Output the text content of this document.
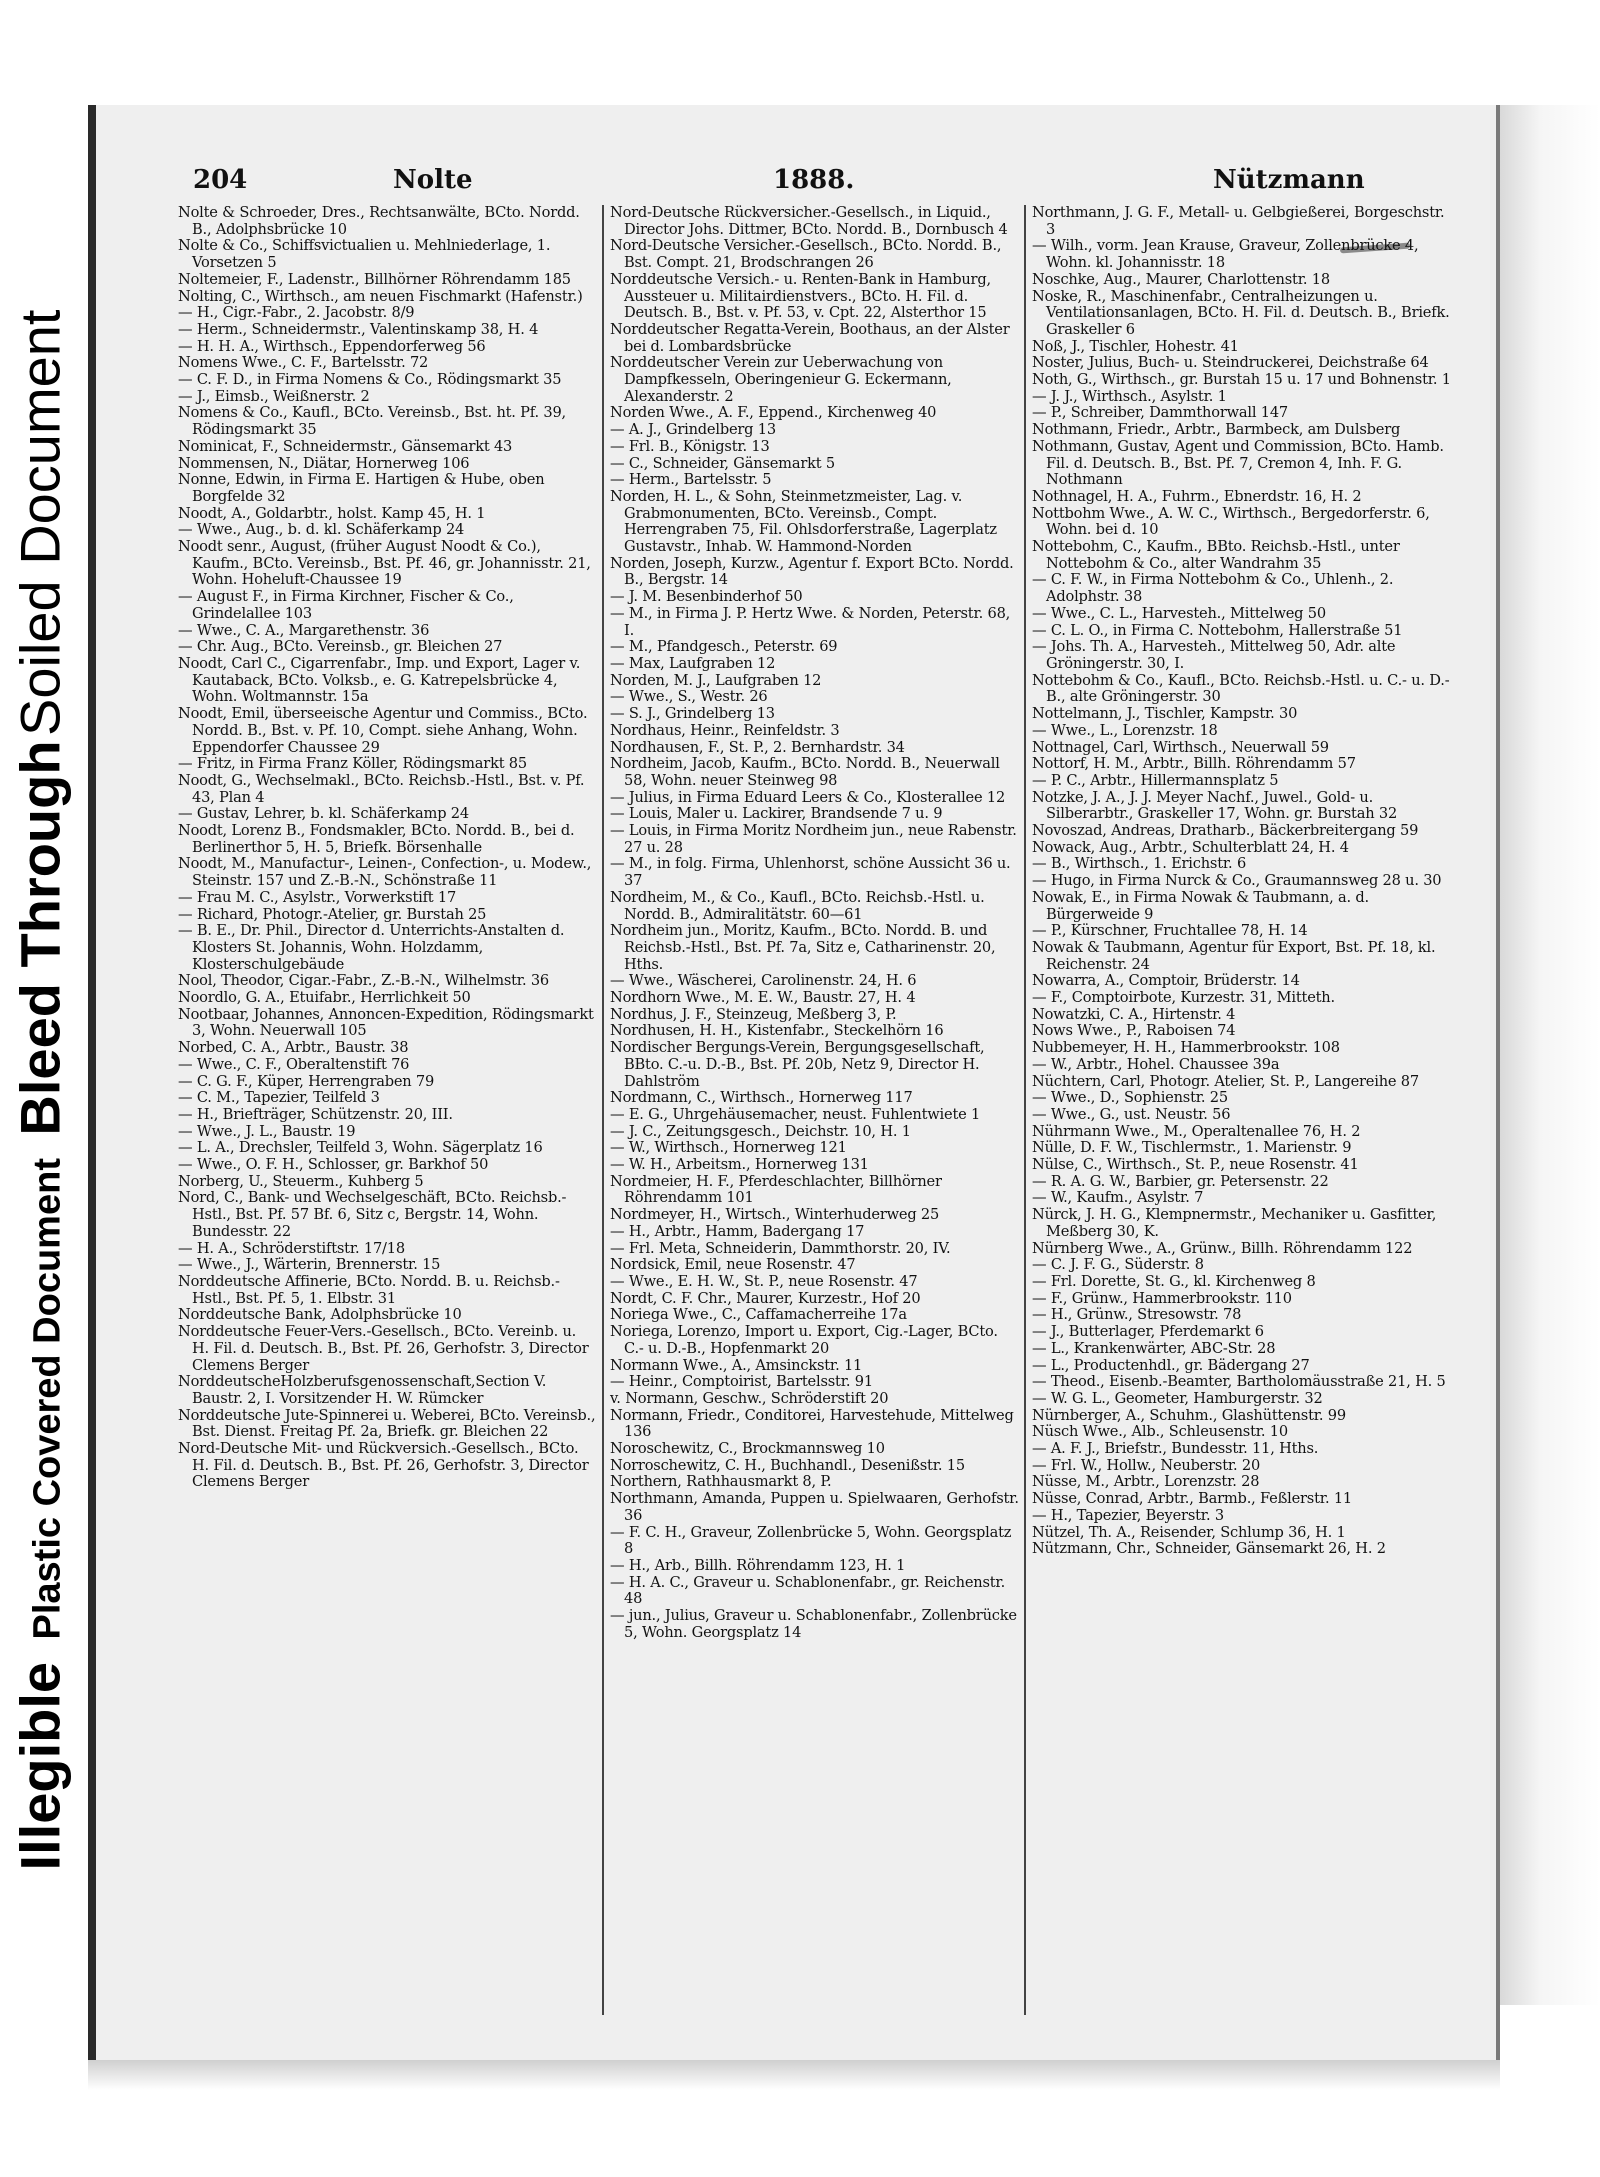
Illegible Plastic Covered Document Bleed Through Soiled Document
204	Nolte	1888.	Nützmann

Nolte & Schroeder, Dres., Rechtsanwälte, BCto. Nordd. B., Adolphsbrücke 10

Nolte & Co., Schiffsvictualien u. Mehlniederlage, 1. Vorsetzen 5

Noltemeier, F., Ladenstr., Billhörner Röhrendamm 185

Nolting, C., Wirthsch., am neuen Fischmarkt (Hafenstr.)

— H., Cigr.-Fabr., 2. Jacobstr. 8/9

— Herm., Schneidermstr., Valentinskamp 38, H. 4

— H. H. A., Wirthsch., Eppendorferweg 56

Nomens Wwe., C. F., Bartelsstr. 72

— C. F. D., in Firma Nomens & Co., Rödingsmarkt 35

— J., Eimsb., Weißnerstr. 2

Nomens & Co., Kaufl., BCto. Vereinsb., Bst. ht. Pf. 39, Rödingsmarkt 35

Nominicat, F., Schneidermstr., Gänsemarkt 43

Nommensen, N., Diätar, Hornerweg 106

Nonne, Edwin, in Firma E. Hartigen & Hube, oben Borgfelde 32

Noodt, A., Goldarbtr., holst. Kamp 45, H. 1

— Wwe., Aug., b. d. kl. Schäferkamp 24

Noodt senr., August, (früher August Noodt & Co.), Kaufm., BCto. Vereinsb., Bst. Pf. 46, gr. Johannisstr. 21, Wohn. Hoheluft-Chaussee 19

— August F., in Firma Kirchner, Fischer & Co., Grindelallee 103

— Wwe., C. A., Margarethenstr. 36

— Chr. Aug., BCto. Vereinsb., gr. Bleichen 27

Noodt, Carl C., Cigarrenfabr., Imp. und Export, Lager v. Kautaback, BCto. Volksb., e. G. Katrepelsbrücke 4, Wohn. Woltmannstr. 15a

Noodt, Emil, überseeische Agentur und Commiss., BCto. Nordd. B., Bst. v. Pf. 10, Compt. siehe Anhang, Wohn. Eppendorfer Chaussee 29

— Fritz, in Firma Franz Köller, Rödingsmarkt 85

Noodt, G., Wechselmakl., BCto. Reichsb.-Hstl., Bst. v. Pf. 43, Plan 4

— Gustav, Lehrer, b. kl. Schäferkamp 24

Noodt, Lorenz B., Fondsmakler, BCto. Nordd. B., bei d. Berlinerthor 5, H. 5, Briefk. Börsenhalle

Noodt, M., Manufactur-, Leinen-, Confection-, u. Modew., Steinstr. 157 und Z.-B.-N., Schönstraße 11

— Frau M. C., Asylstr., Vorwerkstift 17

— Richard, Photogr.-Atelier, gr. Burstah 25

— B. E., Dr. Phil., Director d. Unterrichts-Anstalten d. Klosters St. Johannis, Wohn. Holzdamm, Klosterschulgebäude

Nool, Theodor, Cigar.-Fabr., Z.-B.-N., Wilhelmstr. 36

Noordlo, G. A., Etuifabr., Herrlichkeit 50

Nootbaar, Johannes, Annoncen-Expedition, Rödingsmarkt 3, Wohn. Neuerwall 105

Norbed, C. A., Arbtr., Baustr. 38

— Wwe., C. F., Oberaltenstift 76

— C. G. F., Küper, Herrengraben 79

— C. M., Tapezier, Teilfeld 3

— H., Briefträger, Schützenstr. 20, III.

— Wwe., J. L., Baustr. 19

— L. A., Drechsler, Teilfeld 3, Wohn. Sägerplatz 16

— Wwe., O. F. H., Schlosser, gr. Barkhof 50

Norberg, U., Steuerm., Kuhberg 5

Nord, C., Bank- und Wechselgeschäft, BCto. Reichsb.-Hstl., Bst. Pf. 57 Bf. 6, Sitz c, Bergstr. 14, Wohn. Bundesstr. 22

— H. A., Schröderstiftstr. 17/18

— Wwe., J., Wärterin, Brennerstr. 15

Norddeutsche Affinerie, BCto. Nordd. B. u. Reichsb.-Hstl., Bst. Pf. 5, 1. Elbstr. 31

Norddeutsche Bank, Adolphsbrücke 10

Norddeutsche Feuer-Vers.-Gesellsch., BCto. Vereinb. u. H. Fil. d. Deutsch. B., Bst. Pf. 26, Gerhofstr. 3, Director Clemens Berger

NorddeutscheHolzberufsgenossenschaft,Section V. Baustr. 2, I. Vorsitzender H. W. Rümcker

Norddeutsche Jute-Spinnerei u. Weberei, BCto. Vereinsb., Bst. Dienst. Freitag Pf. 2a, Briefk. gr. Bleichen 22

Nord-Deutsche Mit- und Rückversich.-Gesellsch., BCto. H. Fil. d. Deutsch. B., Bst. Pf. 26, Gerhofstr. 3, Director Clemens Berger

Nord-Deutsche Rückversicher.-Gesellsch., in Liquid., Director Johs. Dittmer, BCto. Nordd. B., Dornbusch 4

Nord-Deutsche Versicher.-Gesellsch., BCto. Nordd. B., Bst. Compt. 21, Brodschrangen 26

Norddeutsche Versich.- u. Renten-Bank in Hamburg, Aussteuer u. Militairdienstvers., BCto. H. Fil. d. Deutsch. B., Bst. v. Pf. 53, v. Cpt. 22, Alsterthor 15

Norddeutscher Regatta-Verein, Boothaus, an der Alster bei d. Lombardsbrücke

Norddeutscher Verein zur Ueberwachung von Dampfkesseln, Oberingenieur G. Eckermann, Alexanderstr. 2

Norden Wwe., A. F., Eppend., Kirchenweg 40

— A. J., Grindelberg 13

— Frl. B., Königstr. 13

— C., Schneider, Gänsemarkt 5

— Herm., Bartelsstr. 5

Norden, H. L., & Sohn, Steinmetzmeister, Lag. v. Grabmonumenten, BCto. Vereinsb., Compt. Herrengraben 75, Fil. Ohlsdorferstraße, Lagerplatz Gustavstr., Inhab. W. Hammond-Norden

Norden, Joseph, Kurzw., Agentur f. Export BCto. Nordd. B., Bergstr. 14

— J. M. Besenbinderhof 50

— M., in Firma J. P. Hertz Wwe. & Norden, Peterstr. 68, I.

— M., Pfandgesch., Peterstr. 69

— Max, Laufgraben 12

Norden, M. J., Laufgraben 12

— Wwe., S., Westr. 26

— S. J., Grindelberg 13

Nordhaus, Heinr., Reinfeldstr. 3

Nordhausen, F., St. P., 2. Bernhardstr. 34

Nordheim, Jacob, Kaufm., BCto. Nordd. B., Neuerwall 58, Wohn. neuer Steinweg 98

— Julius, in Firma Eduard Leers & Co., Klosterallee 12

— Louis, Maler u. Lackirer, Brandsende 7 u. 9

— Louis, in Firma Moritz Nordheim jun., neue Rabenstr. 27 u. 28

— M., in folg. Firma, Uhlenhorst, schöne Aussicht 36 u. 37

Nordheim, M., & Co., Kaufl., BCto. Reichsb.-Hstl. u. Nordd. B., Admiralitätstr. 60—61

Nordheim jun., Moritz, Kaufm., BCto. Nordd. B. und Reichsb.-Hstl., Bst. Pf. 7a, Sitz e, Catharinenstr. 20, Hths.

— Wwe., Wäscherei, Carolinenstr. 24, H. 6

Nordhorn Wwe., M. E. W., Baustr. 27, H. 4

Nordhus, J. F., Steinzeug, Meßberg 3, P.

Nordhusen, H. H., Kistenfabr., Steckelhörn 16

Nordischer Bergungs-Verein, Bergungsgesellschaft, BBto. C.-u. D.-B., Bst. Pf. 20b, Netz 9, Director H. Dahlström

Nordmann, C., Wirthsch., Hornerweg 117

— E. G., Uhrgehäusemacher, neust. Fuhlentwiete 1

— J. C., Zeitungsgesch., Deichstr. 10, H. 1

— W., Wirthsch., Hornerweg 121

— W. H., Arbeitsm., Hornerweg 131

Nordmeier, H. F., Pferdeschlachter, Billhörner Röhrendamm 101

Nordmeyer, H., Wirtsch., Winterhuderweg 25

— H., Arbtr., Hamm, Badergang 17

— Frl. Meta, Schneiderin, Dammthorstr. 20, IV.

Nordsick, Emil, neue Rosenstr. 47

— Wwe., E. H. W., St. P., neue Rosenstr. 47

Nordt, C. F. Chr., Maurer, Kurzestr., Hof 20

Noriega Wwe., C., Caffamacherreihe 17a

Noriega, Lorenzo, Import u. Export, Cig.-Lager, BCto. C.- u. D.-B., Hopfenmarkt 20

Normann Wwe., A., Amsinckstr. 11

— Heinr., Comptoirist, Bartelsstr. 91

v. Normann, Geschw., Schröderstift 20

Normann, Friedr., Conditorei, Harvestehude, Mittelweg 136

Noroschewitz, C., Brockmannsweg 10

Norroschewitz, C. H., Buchhandl., Desenißstr. 15

Northern, Rathhausmarkt 8, P.

Northmann, Amanda, Puppen u. Spielwaaren, Gerhofstr. 36

— F. C. H., Graveur, Zollenbrücke 5, Wohn. Georgsplatz 8

— H., Arb., Billh. Röhrendamm 123, H. 1

— H. A. C., Graveur u. Schablonenfabr., gr. Reichenstr. 48

— jun., Julius, Graveur u. Schablonenfabr., Zollenbrücke 5, Wohn. Georgsplatz 14

Northmann, J. G. F., Metall- u. Gelbgießerei, Borgeschstr. 3

— Wilh., vorm. Jean Krause, Graveur, Zollenbrücke 4, Wohn. kl. Johannisstr. 18

Noschke, Aug., Maurer, Charlottenstr. 18

Noske, R., Maschinenfabr., Centralheizungen u. Ventilationsanlagen, BCto. H. Fil. d. Deutsch. B., Briefk. Graskeller 6

Noß, J., Tischler, Hohestr. 41

Noster, Julius, Buch- u. Steindruckerei, Deichstraße 64

Noth, G., Wirthsch., gr. Burstah 15 u. 17 und Bohnenstr. 1

— J. J., Wirthsch., Asylstr. 1

— P., Schreiber, Dammthorwall 147

Nothmann, Friedr., Arbtr., Barmbeck, am Dulsberg

Nothmann, Gustav, Agent und Commission, BCto. Hamb. Fil. d. Deutsch. B., Bst. Pf. 7, Cremon 4, Inh. F. G. Nothmann

Nothnagel, H. A., Fuhrm., Ebnerdstr. 16, H. 2

Nottbohm Wwe., A. W. C., Wirthsch., Bergedorferstr. 6, Wohn. bei d. 10

Nottebohm, C., Kaufm., BBto. Reichsb.-Hstl., unter Nottebohm & Co., alter Wandrahm 35

— C. F. W., in Firma Nottebohm & Co., Uhlenh., 2. Adolphstr. 38

— Wwe., C. L., Harvesteh., Mittelweg 50

— C. L. O., in Firma C. Nottebohm, Hallerstraße 51

— Johs. Th. A., Harvesteh., Mittelweg 50, Adr. alte Gröningerstr. 30, I.

Nottebohm & Co., Kaufl., BCto. Reichsb.-Hstl. u. C.- u. D.-B., alte Gröningerstr. 30

Nottelmann, J., Tischler, Kampstr. 30

— Wwe., L., Lorenzstr. 18

Nottnagel, Carl, Wirthsch., Neuerwall 59

Nottorf, H. M., Arbtr., Billh. Röhrendamm 57

— P. C., Arbtr., Hillermannsplatz 5

Notzke, J. A., J. J. Meyer Nachf., Juwel., Gold- u. Silberarbtr., Graskeller 17, Wohn. gr. Burstah 32

Novoszad, Andreas, Dratharb., Bäckerbreitergang 59

Nowack, Aug., Arbtr., Schulterblatt 24, H. 4

— B., Wirthsch., 1. Erichstr. 6

— Hugo, in Firma Nurck & Co., Graumannsweg 28 u. 30

Nowak, E., in Firma Nowak & Taubmann, a. d. Bürgerweide 9

— P., Kürschner, Fruchtallee 78, H. 14

Nowak & Taubmann, Agentur für Export, Bst. Pf. 18, kl. Reichenstr. 24

Nowarra, A., Comptoir, Brüderstr. 14

— F., Comptoirbote, Kurzestr. 31, Mitteth.

Nowatzki, C. A., Hirtenstr. 4

Nows Wwe., P., Raboisen 74

Nubbemeyer, H. H., Hammerbrookstr. 108

— W., Arbtr., Hohel. Chaussee 39a

Nüchtern, Carl, Photogr. Atelier, St. P., Langereihe 87

— Wwe., D., Sophienstr. 25

— Wwe., G., ust. Neustr. 56

Nührmann Wwe., M., Operaltenallee 76, H. 2

Nülle, D. F. W., Tischlermstr., 1. Marienstr. 9

Nülse, C., Wirthsch., St. P., neue Rosenstr. 41

— R. A. G. W., Barbier, gr. Petersenstr. 22

— W., Kaufm., Asylstr. 7

Nürck, J. H. G., Klempnermstr., Mechaniker u. Gasfitter, Meßberg 30, K.

Nürnberg Wwe., A., Grünw., Billh. Röhrendamm 122

— C. J. F. G., Süderstr. 8

— Frl. Dorette, St. G., kl. Kirchenweg 8

— F., Grünw., Hammerbrookstr. 110

— H., Grünw., Stresowstr. 78

— J., Butterlager, Pferdemarkt 6

— L., Krankenwärter, ABC-Str. 28

— L., Productenhdl., gr. Bädergang 27

— Theod., Eisenb.-Beamter, Bartholomäusstraße 21, H. 5

— W. G. L., Geometer, Hamburgerstr. 32

Nürnberger, A., Schuhm., Glashüttenstr. 99

Nüsch Wwe., Alb., Schleusenstr. 10

— A. F. J., Briefstr., Bundesstr. 11, Hths.

— Frl. W., Hollw., Neuberstr. 20

Nüsse, M., Arbtr., Lorenzstr. 28

Nüsse, Conrad, Arbtr., Barmb., Feßlerstr. 11

— H., Tapezier, Beyerstr. 3

Nützel, Th. A., Reisender, Schlump 36, H. 1

Nützmann, Chr., Schneider, Gänsemarkt 26, H. 2
